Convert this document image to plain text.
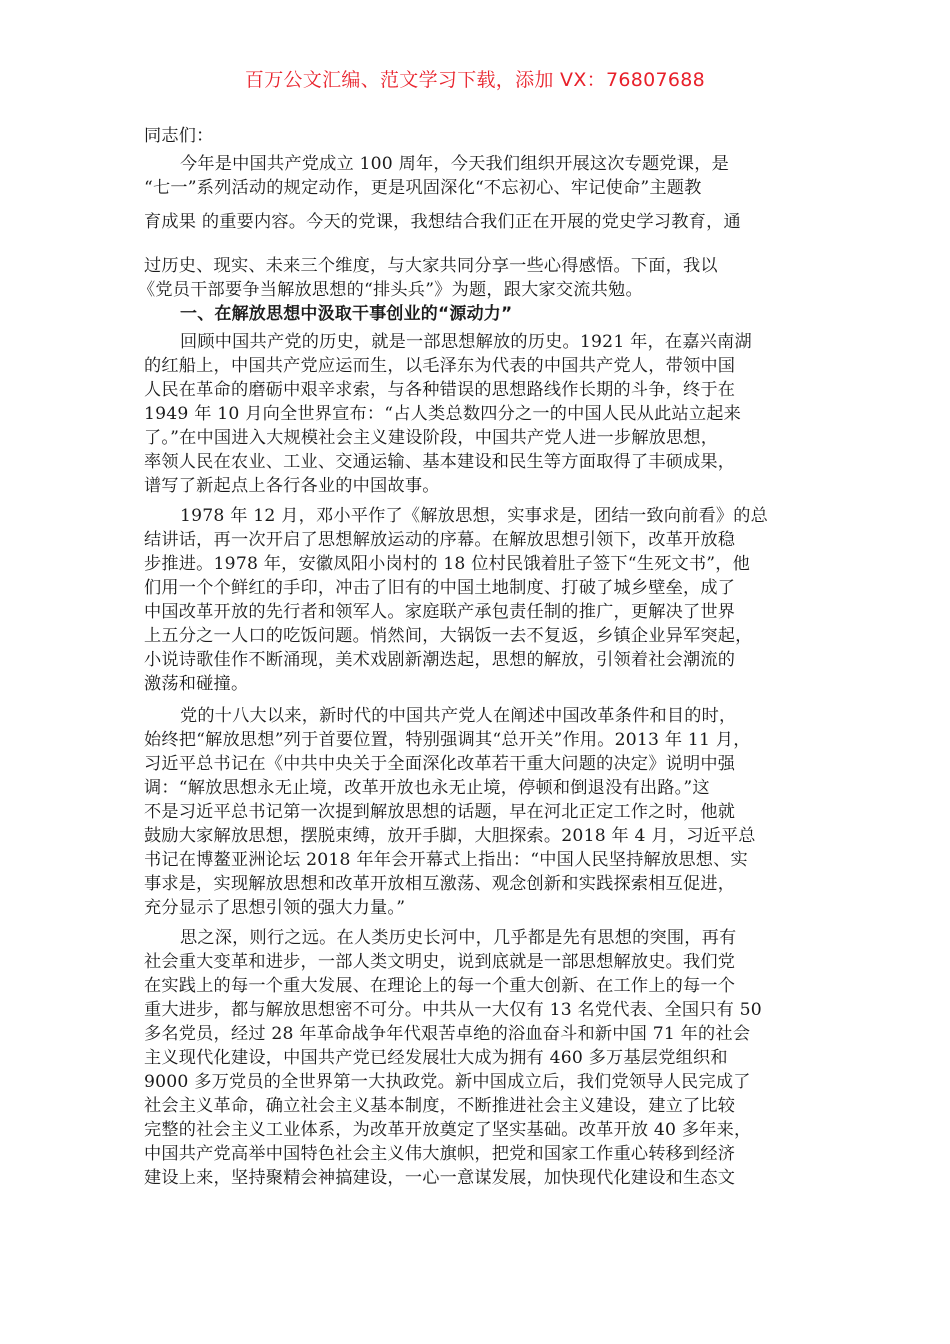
百万公文汇编、范文学习下载，添加 VX：76807688
同志们：
今年是中国共产党成立 100 周年，今天我们组织开展这次专题党课，是
“七一”系列活动的规定动作，更是巩固深化“不忘初心、牢记使命”主题教
育成果 的重要内容。今天的党课，我想结合我们正在开展的党史学习教育，通
过历史、现实、未来三个维度，与大家共同分享一些心得感悟。下面，我以
《党员干部要争当解放思想的“排头兵”》为题，跟大家交流共勉。
一、在解放思想中汲取干事创业的“源动力”
回顾中国共产党的历史，就是一部思想解放的历史。1921 年，在嘉兴南湖
的红船上，中国共产党应运而生，以毛泽东为代表的中国共产党人，带领中国
人民在革命的磨砺中艰辛求索，与各种错误的思想路线作长期的斗争，终于在
1949 年 10 月向全世界宣布：“占人类总数四分之一的中国人民从此站立起来
了。”在中国进入大规模社会主义建设阶段，中国共产党人进一步解放思想，
率领人民在农业、工业、交通运输、基本建设和民生等方面取得了丰硕成果，
谱写了新起点上各行各业的中国故事。
1978 年 12 月，邓小平作了《解放思想，实事求是，团结一致向前看》的总
结讲话，再一次开启了思想解放运动的序幕。在解放思想引领下，改革开放稳
步推进。1978 年，安徽凤阳小岗村的 18 位村民饿着肚子签下“生死文书”，他
们用一个个鲜红的手印，冲击了旧有的中国土地制度、打破了城乡壁垒，成了
中国改革开放的先行者和领军人。家庭联产承包责任制的推广，更解决了世界
上五分之一人口的吃饭问题。悄然间，大锅饭一去不复返，乡镇企业异军突起，
小说诗歌佳作不断涌现，美术戏剧新潮迭起，思想的解放，引领着社会潮流的
激荡和碰撞。
党的十八大以来，新时代的中国共产党人在阐述中国改革条件和目的时，
始终把“解放思想”列于首要位置，特别强调其“总开关”作用。2013 年 11 月，
习近平总书记在《中共中央关于全面深化改革若干重大问题的决定》说明中强
调：“解放思想永无止境，改革开放也永无止境，停顿和倒退没有出路。”这
不是习近平总书记第一次提到解放思想的话题，早在河北正定工作之时，他就
鼓励大家解放思想，摆脱束缚，放开手脚，大胆探索。2018 年 4 月，习近平总
书记在博鳌亚洲论坛 2018 年年会开幕式上指出：“中国人民坚持解放思想、实
事求是，实现解放思想和改革开放相互激荡、观念创新和实践探索相互促进，
充分显示了思想引领的强大力量。”
思之深，则行之远。在人类历史长河中，几乎都是先有思想的突围，再有
社会重大变革和进步，一部人类文明史，说到底就是一部思想解放史。我们党
在实践上的每一个重大发展、在理论上的每一个重大创新、在工作上的每一个
重大进步，都与解放思想密不可分。中共从一大仅有 13 名党代表、全国只有 50
多名党员，经过 28 年革命战争年代艰苦卓绝的浴血奋斗和新中国 71 年的社会
主义现代化建设，中国共产党已经发展壮大成为拥有 460 多万基层党组织和
9000 多万党员的全世界第一大执政党。新中国成立后，我们党领导人民完成了
社会主义革命，确立社会主义基本制度，不断推进社会主义建设，建立了比较
完整的社会主义工业体系，为改革开放奠定了坚实基础。改革开放 40 多年来，
中国共产党高举中国特色社会主义伟大旗帜，把党和国家工作重心转移到经济
建设上来，坚持聚精会神搞建设，一心一意谋发展，加快现代化建设和生态文
